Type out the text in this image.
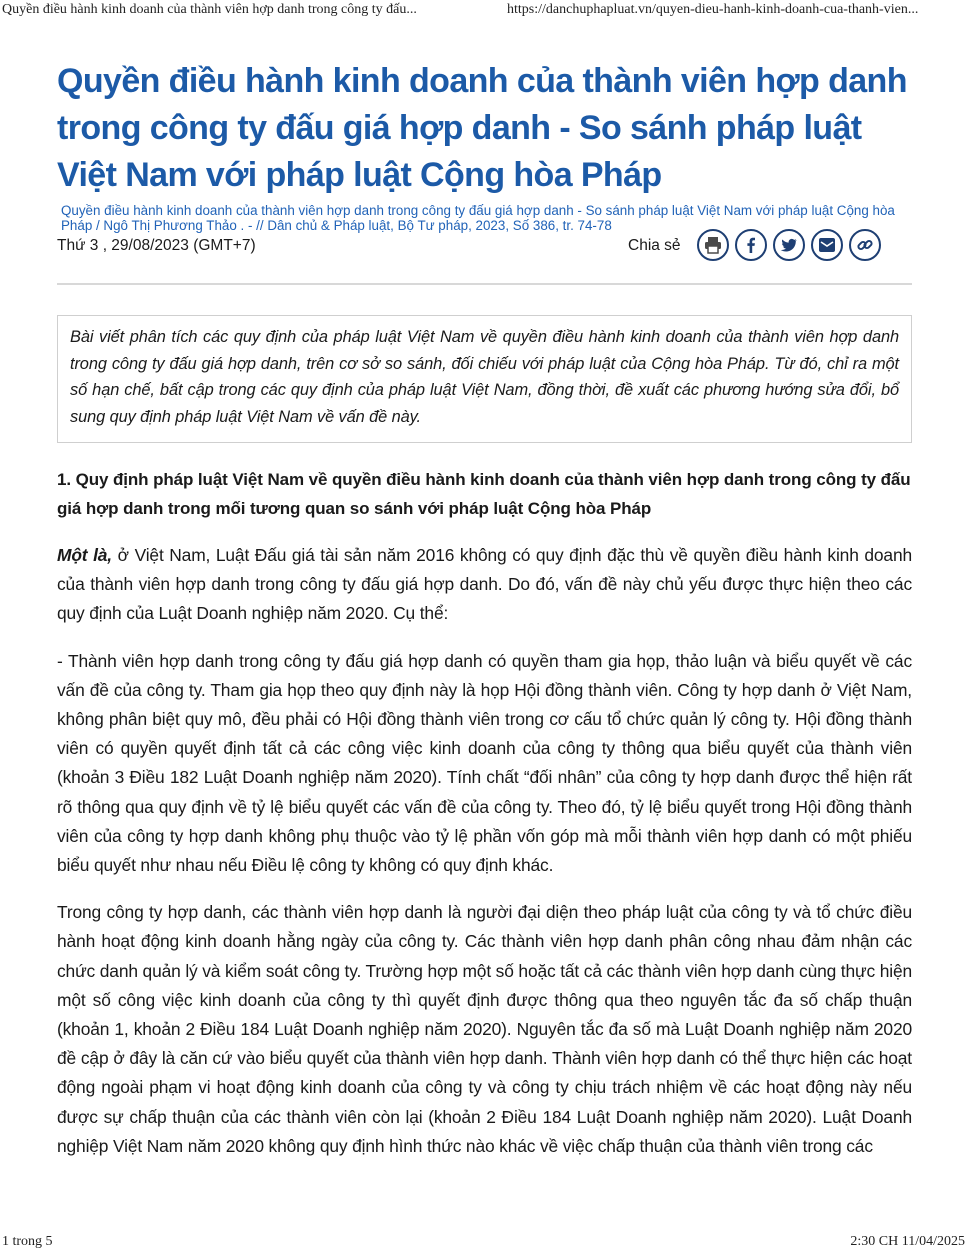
Quyền điều hành kinh doanh của thành viên hợp danh trong công ty đấu...	https://danchuphapluat.vn/quyen-dieu-hanh-kinh-doanh-cua-thanh-vien...
Quyền điều hành kinh doanh của thành viên hợp danh trong công ty đấu giá hợp danh - So sánh pháp luật Việt Nam với pháp luật Cộng hòa Pháp
Quyền điều hành kinh doanh của thành viên hợp danh trong công ty đấu giá hợp danh - So sánh pháp luật Việt Nam với pháp luật Cộng hòa Pháp / Ngô Thị Phương Thảo . - // Dân chủ & Pháp luật, Bộ Tư pháp, 2023, Số 386, tr. 74-78
Thứ 3 , 29/08/2023 (GMT+7)	Chia sẻ
Bài viết phân tích các quy định của pháp luật Việt Nam về quyền điều hành kinh doanh của thành viên hợp danh trong công ty đấu giá hợp danh, trên cơ sở so sánh, đối chiếu với pháp luật của Cộng hòa Pháp. Từ đó, chỉ ra một số hạn chế, bất cập trong các quy định của pháp luật Việt Nam, đồng thời, đề xuất các phương hướng sửa đổi, bổ sung quy định pháp luật Việt Nam về vấn đề này.
1. Quy định pháp luật Việt Nam về quyền điều hành kinh doanh của thành viên hợp danh trong công ty đấu giá hợp danh trong mối tương quan so sánh với pháp luật Cộng hòa Pháp

Một là, ở Việt Nam, Luật Đấu giá tài sản năm 2016 không có quy định đặc thù về quyền điều hành kinh doanh của thành viên hợp danh trong công ty đấu giá hợp danh. Do đó, vấn đề này chủ yếu được thực hiện theo các quy định của Luật Doanh nghiệp năm 2020. Cụ thể:

- Thành viên hợp danh trong công ty đấu giá hợp danh có quyền tham gia họp, thảo luận và biểu quyết về các vấn đề của công ty. Tham gia họp theo quy định này là họp Hội đồng thành viên. Công ty hợp danh ở Việt Nam, không phân biệt quy mô, đều phải có Hội đồng thành viên trong cơ cấu tổ chức quản lý công ty. Hội đồng thành viên có quyền quyết định tất cả các công việc kinh doanh của công ty thông qua biểu quyết của thành viên (khoản 3 Điều 182 Luật Doanh nghiệp năm 2020). Tính chất “đối nhân” của công ty hợp danh được thể hiện rất rõ thông qua quy định về tỷ lệ biểu quyết các vấn đề của công ty. Theo đó, tỷ lệ biểu quyết trong Hội đồng thành viên của công ty hợp danh không phụ thuộc vào tỷ lệ phần vốn góp mà mỗi thành viên hợp danh có một phiếu biểu quyết như nhau nếu Điều lệ công ty không có quy định khác.

Trong công ty hợp danh, các thành viên hợp danh là người đại diện theo pháp luật của công ty và tổ chức điều hành hoạt động kinh doanh hằng ngày của công ty. Các thành viên hợp danh phân công nhau đảm nhận các chức danh quản lý và kiểm soát công ty. Trường hợp một số hoặc tất cả các thành viên hợp danh cùng thực hiện một số công việc kinh doanh của công ty thì quyết định được thông qua theo nguyên tắc đa số chấp thuận (khoản 1, khoản 2 Điều 184 Luật Doanh nghiệp năm 2020). Nguyên tắc đa số mà Luật Doanh nghiệp năm 2020 đề cập ở đây là căn cứ vào biểu quyết của thành viên hợp danh. Thành viên hợp danh có thể thực hiện các hoạt động ngoài phạm vi hoạt động kinh doanh của công ty và công ty chịu trách nhiệm về các hoạt động này nếu được sự chấp thuận của các thành viên còn lại (khoản 2 Điều 184 Luật Doanh nghiệp năm 2020). Luật Doanh nghiệp Việt Nam năm 2020 không quy định hình thức nào khác về việc chấp thuận của thành viên trong các

1 trong 5	2:30 CH 11/04/2025
